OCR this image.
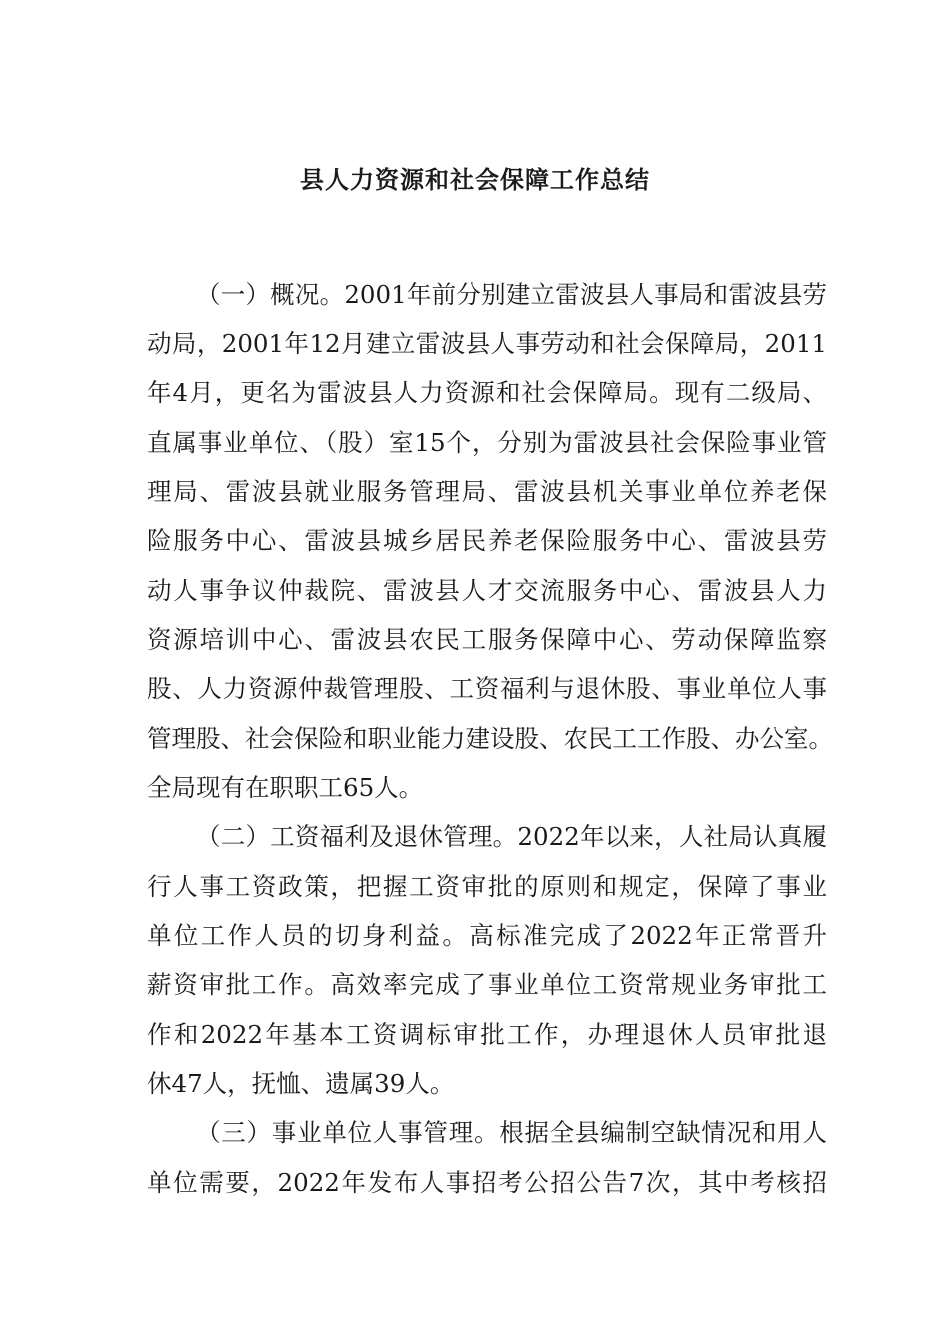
县人力资源和社会保障工作总结
（一）概况。2001年前分别建立雷波县人事局和雷波县劳
动局，2001年12月建立雷波县人事劳动和社会保障局，2011
年4月，更名为雷波县人力资源和社会保障局。现有二级局、
直属事业单位、（股）室15个，分别为雷波县社会保险事业管
理局、雷波县就业服务管理局、雷波县机关事业单位养老保
险服务中心、雷波县城乡居民养老保险服务中心、雷波县劳
动人事争议仲裁院、雷波县人才交流服务中心、雷波县人力
资源培训中心、雷波县农民工服务保障中心、劳动保障监察
股、人力资源仲裁管理股、工资福利与退休股、事业单位人事
管理股、社会保险和职业能力建设股、农民工工作股、办公室。
全局现有在职职工65人。
（二）工资福利及退休管理。2022年以来，人社局认真履
行人事工资政策，把握工资审批的原则和规定，保障了事业
单位工作人员的切身利益。高标准完成了2022年正常晋升
薪资审批工作。高效率完成了事业单位工资常规业务审批工
作和2022年基本工资调标审批工作，办理退休人员审批退
休47人，抚恤、遗属39人。
（三）事业单位人事管理。根据全县编制空缺情况和用人
单位需要，2022年发布人事招考公招公告7次，其中考核招
